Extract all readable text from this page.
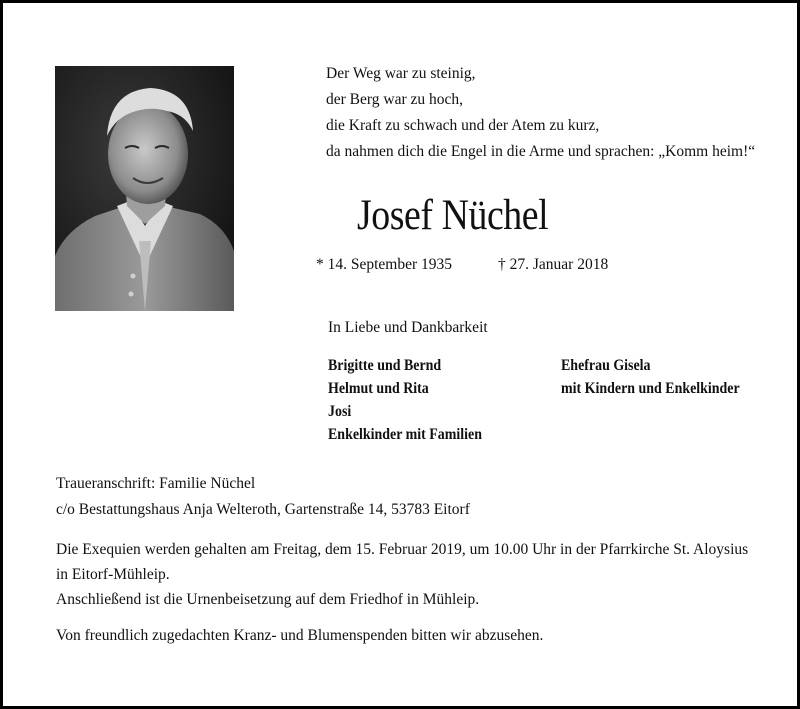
Der Weg war zu steinig,
der Berg war zu hoch,
die Kraft zu schwach und der Atem zu kurz,
da nahmen dich die Engel in die Arme und sprachen: „Komm heim!“
Josef Nüchel
* 14. September 1935	† 27. Januar 2018
In Liebe und Dankbarkeit
Brigitte und Bernd
Helmut und Rita
Josi
Enkelkinder mit Familien
Ehefrau Gisela
mit Kindern und Enkelkinder
Traueranschrift: Familie Nüchel
c/o Bestattungshaus Anja Welteroth, Gartenstraße 14, 53783 Eitorf
Die Exequien werden gehalten am Freitag, dem 15. Februar 2019, um 10.00 Uhr in der Pfarrkirche St. Aloysius
in Eitorf-Mühleip.
Anschließend ist die Urnenbeisetzung auf dem Friedhof in Mühleip.
Von freundlich zugedachten Kranz- und Blumenspenden bitten wir abzusehen.
